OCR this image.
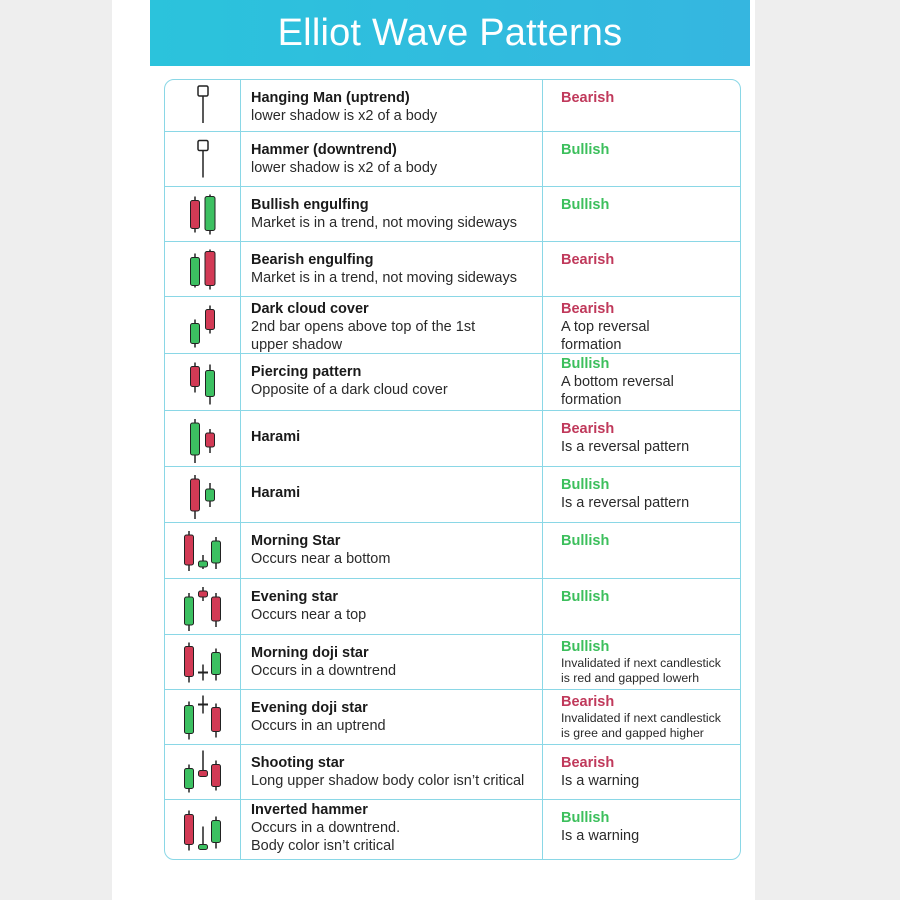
Elliot Wave Patterns
Hanging Man (uptrend)
lower shadow is x2 of a body
Bearish
Hammer (downtrend)
lower shadow is x2 of a body
Bullish
Bullish engulfing
Market is in a trend, not moving sideways
Bullish
Bearish engulfing
Market is in a trend, not moving sideways
Bearish
Dark cloud cover
2nd bar opens above top of the 1st
upper shadow
Bearish
A top reversal
formation
Piercing pattern
Opposite of a dark cloud cover
Bullish
A bottom reversal
formation
Harami	Bearish
Is a reversal pattern
Harami	Bullish
Is a reversal pattern
Morning Star
Occurs near a bottom
Bullish
Evening star
Occurs near a top
Bullish
Morning doji star
Occurs in a downtrend
Bullish
Invalidated if next candlestick
is red and gapped lowerh
Evening doji star
Occurs in an uptrend
Bearish
Invalidated if next candlestick
is gree and gapped higher
Shooting star
Long upper shadow body color isn’t critical
Bearish
Is a warning
Inverted hammer
Occurs in a downtrend.
Body color isn’t critical
Bullish
Is a warning
